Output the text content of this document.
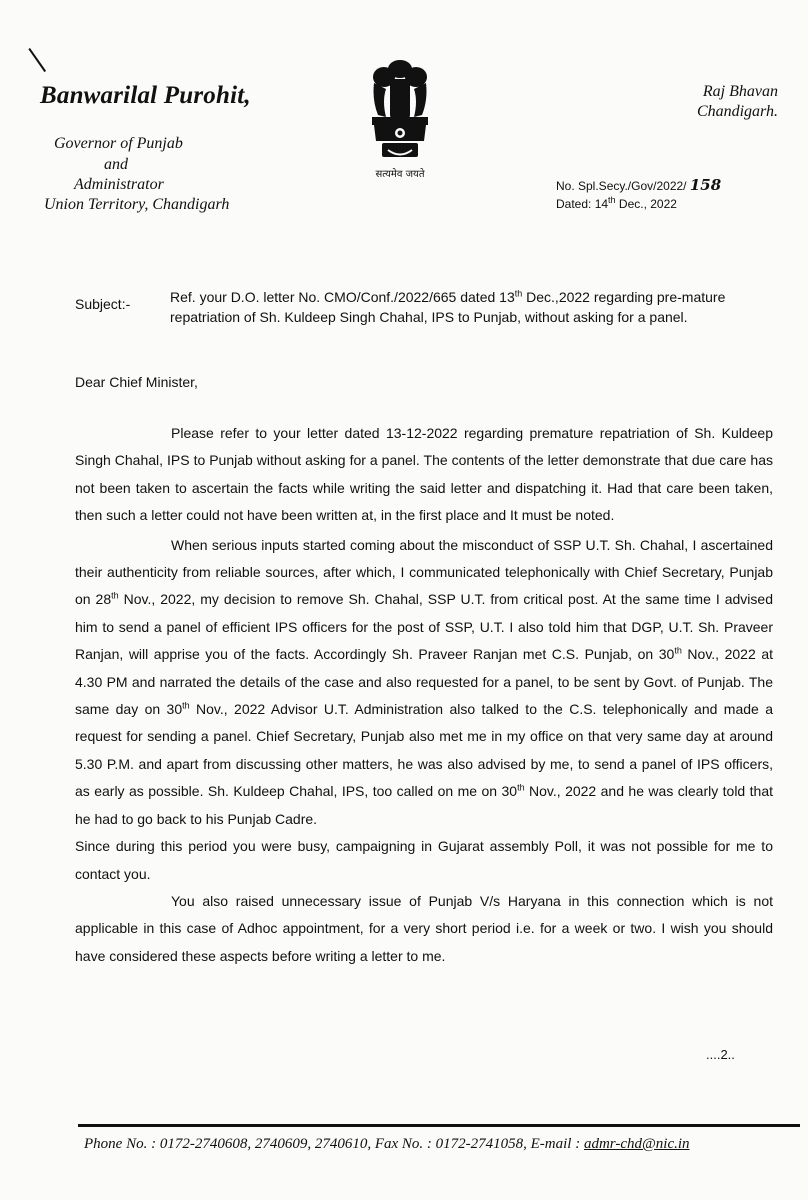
Banwarilal Purohit,
Governor of Punjab
and
Administrator
Union Territory, Chandigarh
Raj Bhavan
Chandigarh.
सत्यमेव जयते
No. Spl.Secy./Gov/2022/ 158
Dated: 14th Dec., 2022
Subject:-	Ref. your D.O. letter No. CMO/Conf./2022/665 dated 13th Dec.,2022 regarding pre-mature
repatriation of Sh. Kuldeep Singh Chahal, IPS to Punjab, without asking for a panel.
Dear Chief Minister,

Please refer to your letter dated 13-12-2022 regarding premature repatriation of Sh. Kuldeep Singh Chahal, IPS to Punjab without asking for a panel. The contents of the letter demonstrate that due care has not been taken to ascertain the facts while writing the said letter and dispatching it. Had that care been taken, then such a letter could not have been written at, in the first place and It must be noted.

When serious inputs started coming about the misconduct of SSP U.T. Sh. Chahal, I ascertained their authenticity from reliable sources, after which, I communicated telephonically with Chief Secretary, Punjab on 28th Nov., 2022, my decision to remove Sh. Chahal, SSP U.T. from critical post. At the same time I advised him to send a panel of efficient IPS officers for the post of SSP, U.T. I also told him that DGP, U.T. Sh. Praveer Ranjan, will apprise you of the facts. Accordingly Sh. Praveer Ranjan met C.S. Punjab, on 30th Nov., 2022 at 4.30 PM and narrated the details of the case and also requested for a panel, to be sent by Govt. of Punjab. The same day on 30th Nov., 2022 Advisor U.T. Administration also talked to the C.S. telephonically and made a request for sending a panel. Chief Secretary, Punjab also met me in my office on that very same day at around 5.30 P.M. and apart from discussing other matters, he was also advised by me, to send a panel of IPS officers, as early as possible. Sh. Kuldeep Chahal, IPS, too called on me on 30th Nov., 2022 and he was clearly told that he had to go back to his Punjab Cadre.

Since during this period you were busy, campaigning in Gujarat assembly Poll, it was not possible for me to contact you.

You also raised unnecessary issue of Punjab V/s Haryana in this connection which is not applicable in this case of Adhoc appointment, for a very short period i.e. for a week or two. I wish you should have considered these aspects before writing a letter to me.

....2..
Phone No. : 0172-2740608, 2740609, 2740610, Fax No. : 0172-2741058, E-mail : admr-chd@nic.in
